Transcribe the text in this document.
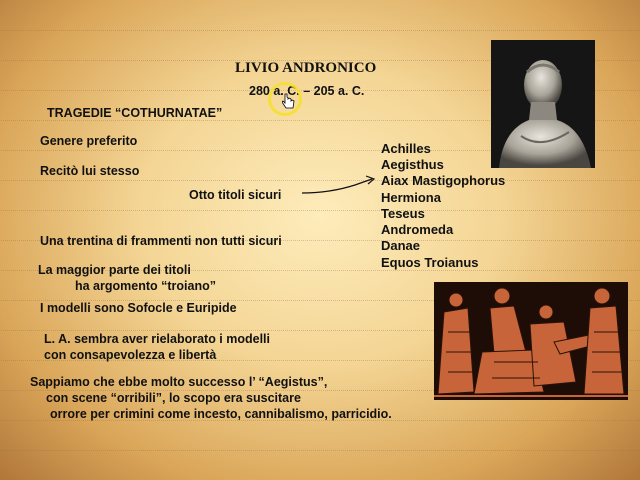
LIVIO ANDRONICO
280 a. C. – 205 a. C.
TRAGEDIE “COTHURNATAE”
Genere preferito
Recitò lui stesso
Otto titoli sicuri
Una trentina di frammenti non tutti sicuri
La maggior parte dei titoli
ha argomento “troiano”
I modelli sono Sofocle e Euripide
L. A. sembra aver rielaborato i modelli
con consapevolezza e libertà
Sappiamo che ebbe molto successo l’ “Aegistus”,
con scene “orribili”, lo scopo era suscitare
orrore per crimini come incesto, cannibalismo, parricidio.
Achilles
Aegisthus
Aiax Mastigophorus
Hermiona
Teseus
Andromeda
Danae
Equos Troianus
